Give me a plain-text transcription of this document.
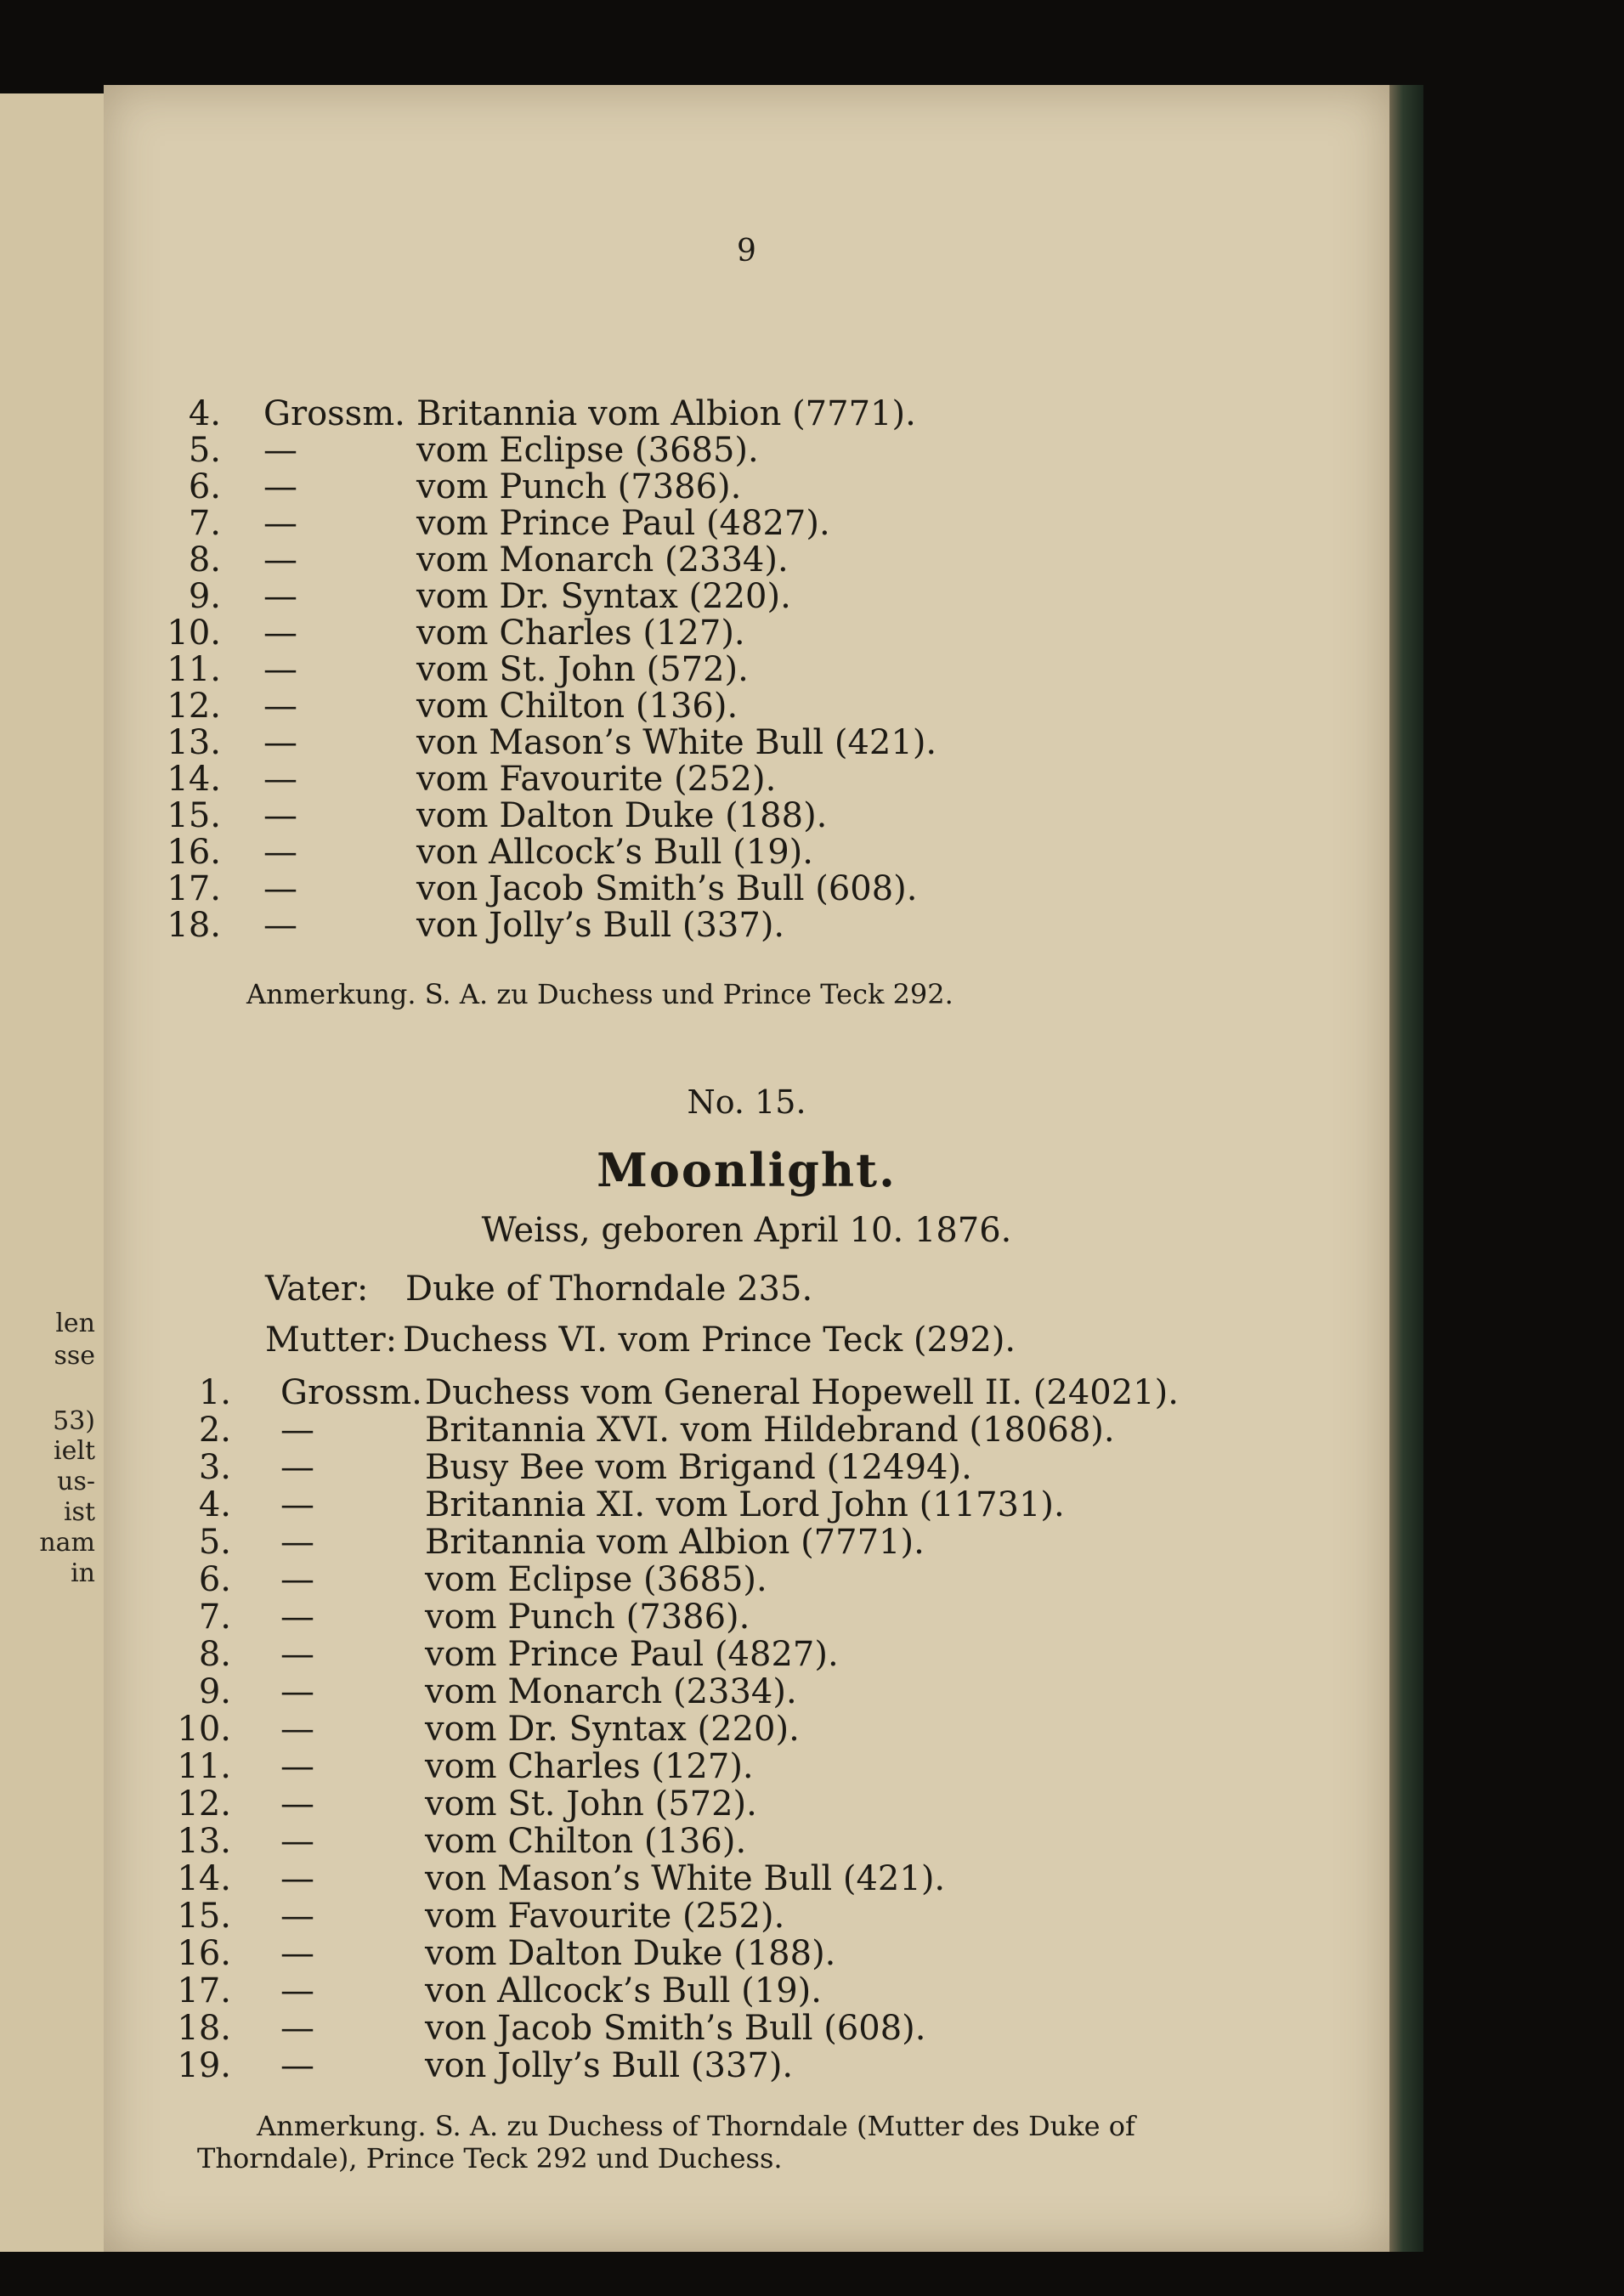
len
sse
53)
ielt
us-
ist
nam
in
9
4. Grossm. Britannia vom Albion (7771).
5. —	vom Eclipse (3685).
6. —	vom Punch (7386).
7. —	vom Prince Paul (4827).
8. —	vom Monarch (2334).
9. —	vom Dr. Syntax (220).
10. —	vom Charles (127).
11. —	vom St. John (572).
12. —	vom Chilton (136).
13. —	von Mason’s White Bull (421).
14. —	vom Favourite (252).
15. —	vom Dalton Duke (188).
16. —	von Allcock’s Bull (19).
17. —	von Jacob Smith’s Bull (608).
18. —	von Jolly’s Bull (337).
Anmerkung. S. A. zu Duchess und Prince Teck 292.
No. 15.
Moonlight.
Weiss, geboren April 10. 1876.
Vater: Duke of Thorndale 235.
Mutter: Duchess VI. vom Prince Teck (292).
1. Grossm. Duchess vom General Hopewell II. (24021).
2. —	Britannia XVI. vom Hildebrand (18068).
3. —	Busy Bee vom Brigand (12494).
4. —	Britannia XI. vom Lord John (11731).
5. —	Britannia vom Albion (7771).
6. —	vom Eclipse (3685).
7. —	vom Punch (7386).
8. —	vom Prince Paul (4827).
9. —	vom Monarch (2334).
10. —	vom Dr. Syntax (220).
11. —	vom Charles (127).
12. —	vom St. John (572).
13. —	vom Chilton (136).
14. —	von Mason’s White Bull (421).
15. —	vom Favourite (252).
16. —	vom Dalton Duke (188).
17. —	von Allcock’s Bull (19).
18. —	von Jacob Smith’s Bull (608).
19. —	von Jolly’s Bull (337).
Anmerkung. S. A. zu Duchess of Thorndale (Mutter des Duke of
Thorndale), Prince Teck 292 und Duchess.
